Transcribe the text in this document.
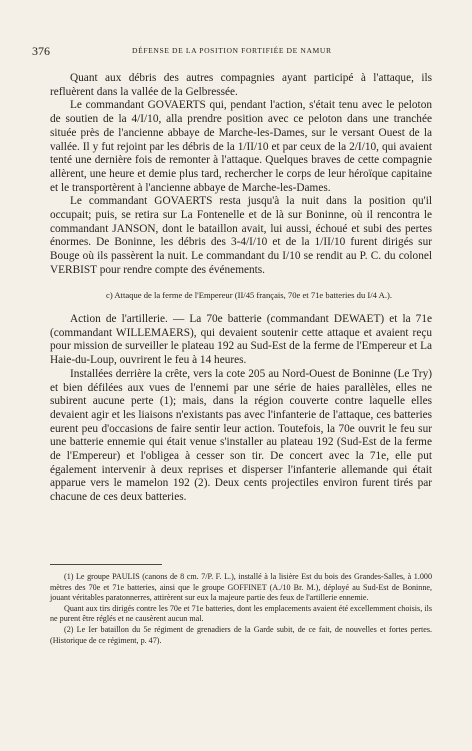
376	DÉFENSE DE LA POSITION FORTIFIÉE DE NAMUR

Quant aux débris des autres compagnies ayant participé à l'attaque, ils refluèrent dans la vallée de la Gelbressée.

Le commandant GOVAERTS qui, pendant l'action, s'était tenu avec le peloton de soutien de la 4/I/10, alla prendre position avec ce peloton dans une tranchée située près de l'ancienne abbaye de Marche-les-Dames, sur le versant Ouest de la vallée. Il y fut rejoint par les débris de la 1/II/10 et par ceux de la 2/I/10, qui avaient tenté une dernière fois de remonter à l'attaque. Quelques braves de cette compagnie allèrent, une heure et demie plus tard, rechercher le corps de leur héroïque capitaine et le transportèrent à l'ancienne abbaye de Marche-les-Dames.

Le commandant GOVAERTS resta jusqu'à la nuit dans la position qu'il occupait; puis, se retira sur La Fontenelle et de là sur Boninne, où il rencontra le commandant JANSON, dont le bataillon avait, lui aussi, échoué et subi des pertes énormes. De Boninne, les débris des 3-4/I/10 et de la 1/II/10 furent dirigés sur Bouge où ils passèrent la nuit. Le commandant du I/10 se rendit au P. C. du colonel VERBIST pour rendre compte des événements.

c) Attaque de la ferme de l'Empereur (II/45 français, 70e et 71e batteries du I/4 A.).

Action de l'artillerie. — La 70e batterie (commandant DEWAET) et la 71e (commandant WILLEMAERS), qui devaient soutenir cette attaque et avaient reçu pour mission de surveiller le plateau 192 au Sud-Est de la ferme de l'Empereur et La Haie-du-Loup, ouvrirent le feu à 14 heures.

Installées derrière la crête, vers la cote 205 au Nord-Ouest de Boninne (Le Try) et bien défilées aux vues de l'ennemi par une série de haies parallèles, elles ne subirent aucune perte (1); mais, dans la région couverte contre laquelle elles devaient agir et les liaisons n'existants pas avec l'infanterie de l'attaque, ces batteries eurent peu d'occasions de faire sentir leur action. Toutefois, la 70e ouvrit le feu sur une batterie ennemie qui était venue s'installer au plateau 192 (Sud-Est de la ferme de l'Empereur) et l'obligea à cesser son tir. De concert avec la 71e, elle put également intervenir à deux reprises et disperser l'infanterie allemande qui était apparue vers le mamelon 192 (2). Deux cents projectiles environ furent tirés par chacune de ces deux batteries.

(1) Le groupe PAULIS (canons de 8 cm. 7/P. F. L.), installé à la lisière Est du bois des Grandes-Salles, à 1.000 mètres des 70e et 71e batteries, ainsi que le groupe GOFFINET (A./10 Br. M.), déployé au Sud-Est de Boninne, jouant véritables paratonnerres, attirèrent sur eux la majeure partie des feux de l'artillerie ennemie.

Quant aux tirs dirigés contre les 70e et 71e batteries, dont les emplacements avaient été excellemment choisis, ils ne purent être réglés et ne causèrent aucun mal.

(2) Le Ier bataillon du 5e régiment de grenadiers de la Garde subit, de ce fait, de nouvelles et fortes pertes. (Historique de ce régiment, p. 47).
